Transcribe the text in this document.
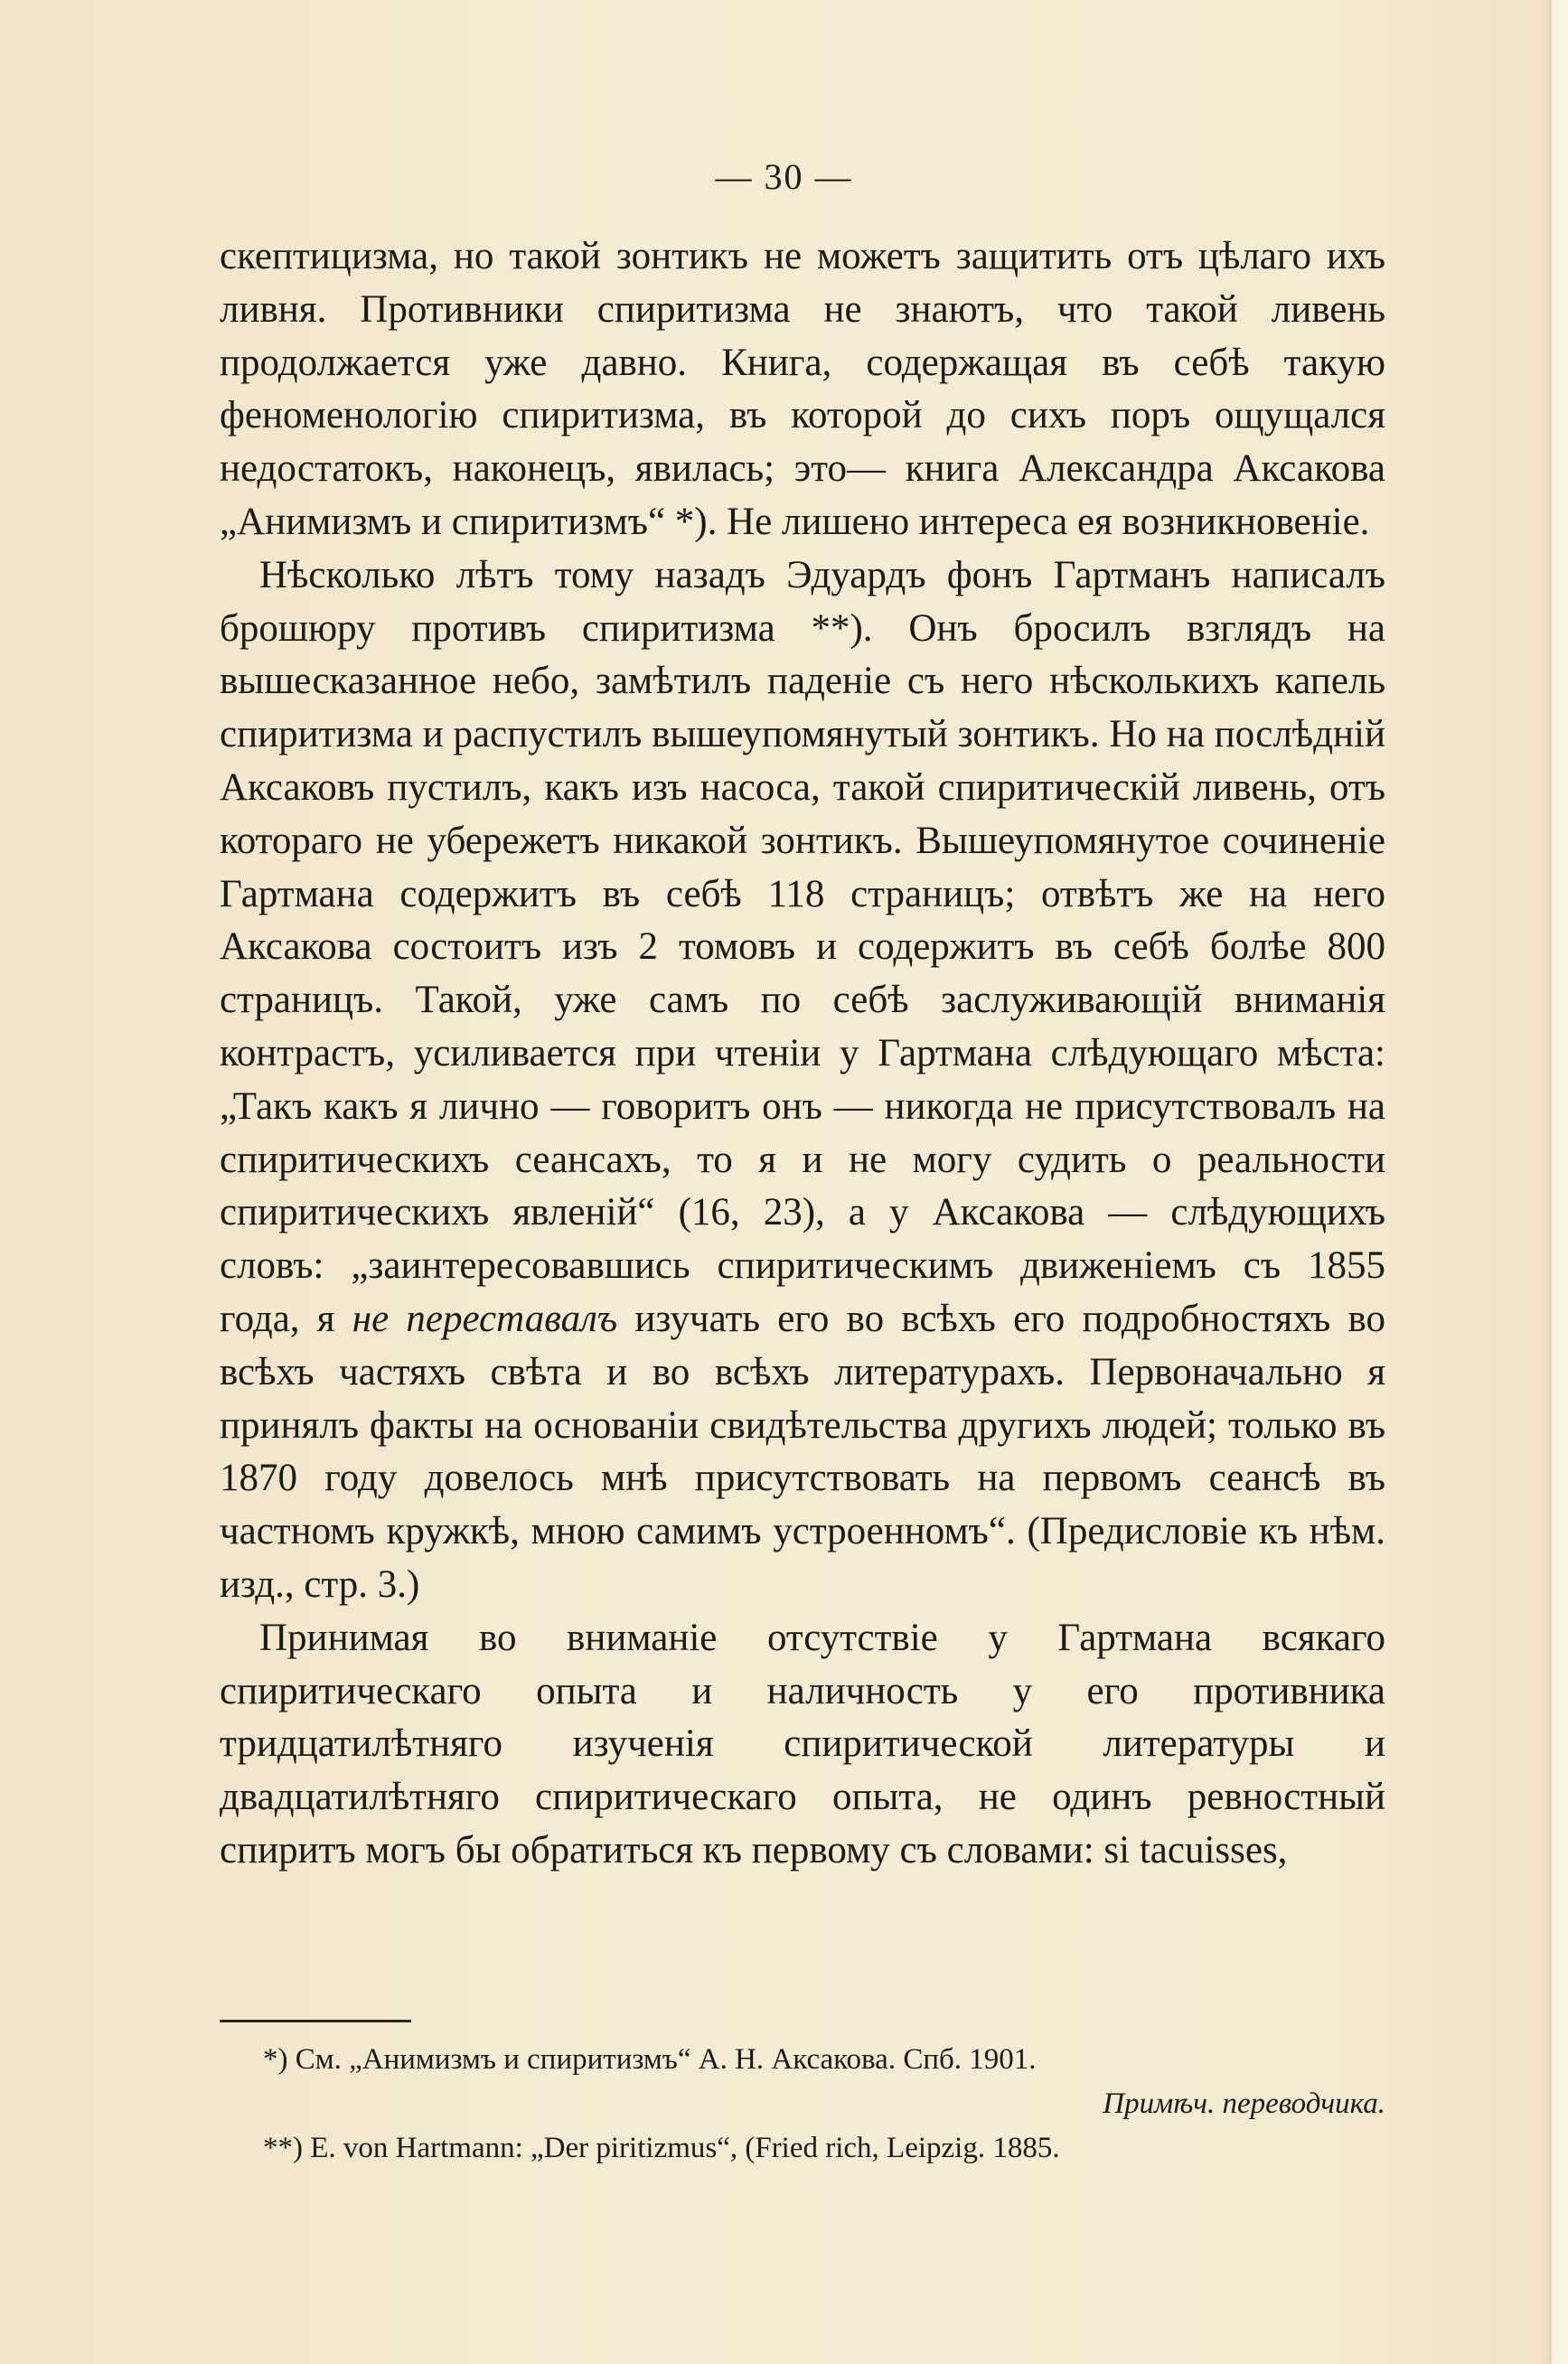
— 30 —

скептицизма, но такой зонтикъ не можетъ защитить отъ цѣлаго ихъ ливня. Противники спиритизма не знаютъ, что такой ливень продолжается уже давно. Книга, содержащая въ себѣ такую феноменологію спиритизма, въ которой до сихъ поръ ощущался недостатокъ, наконецъ, явилась; это— книга Александра Аксакова „Анимизмъ и спиритизмъ“ *). Не лишено интереса ея возникновеніе.

Нѣсколько лѣтъ тому назадъ Эдуардъ фонъ Гартманъ написалъ брошюру противъ спиритизма **). Онъ бросилъ взглядъ на вышесказанное небо, замѣтилъ паденіе съ него нѣсколькихъ капель спиритизма и распустилъ вышеупомянутый зонтикъ. Но на послѣдній Аксаковъ пустилъ, какъ изъ насоса, такой спиритическій ливень, отъ котораго не убережетъ никакой зонтикъ. Вышеупомянутое сочиненіе Гартмана содержитъ въ себѣ 118 страницъ; отвѣтъ же на него Аксакова состоитъ изъ 2 томовъ и содержитъ въ себѣ болѣе 800 страницъ. Такой, уже самъ по себѣ заслуживающій вниманія контрастъ, усиливается при чтеніи у Гартмана слѣдующаго мѣста: „Такъ какъ я лично — говоритъ онъ — никогда не присутствовалъ на спиритическихъ сеансахъ, то я и не могу судить о реальности спиритическихъ явленій“ (16, 23), а у Аксакова — слѣдующихъ словъ: „заинтересовавшись спиритическимъ движеніемъ съ 1855 года, я не переставалъ изучать его во всѣхъ его подробностяхъ во всѣхъ частяхъ свѣта и во всѣхъ литературахъ. Первоначально я принялъ факты на основаніи свидѣтельства другихъ людей; только въ 1870 году довелось мнѣ присутствовать на первомъ сеансѣ въ частномъ кружкѣ, мною самимъ устроенномъ“. (Предисловіе къ нѣм. изд., стр. 3.)

Принимая во вниманіе отсутствіе у Гартмана всякаго спиритическаго опыта и наличность у его противника тридцатилѣтняго изученія спиритической литературы и двадцатилѣтняго спиритическаго опыта, не одинъ ревностный спиритъ могъ бы обратиться къ первому съ словами: si tacuisses,

*) См. „Анимизмъ и спиритизмъ“ А. Н. Аксакова. Спб. 1901.

Примѣч. переводчика.

**) E. von Hartmann: „Der piritizmus“, (Fried rich, Leipzig. 1885.
